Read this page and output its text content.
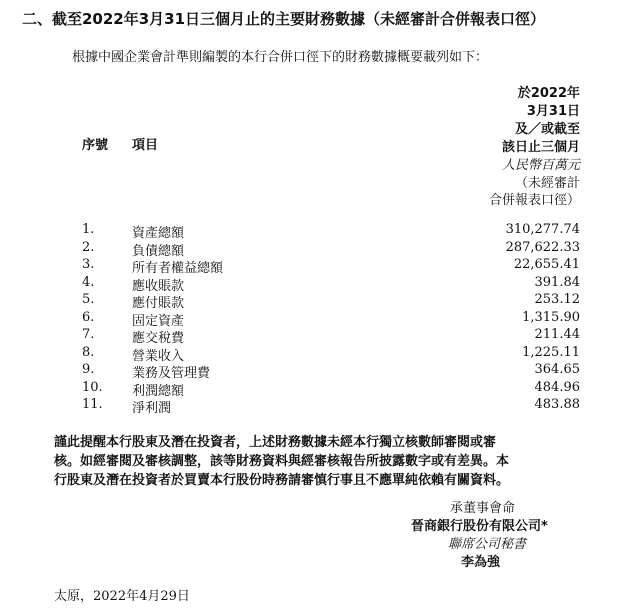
二、截至2022年3月31日三個月止的主要財務數據（未經審計合併報表口徑）
根據中國企業會計準則編製的本行合併口徑下的財務數據概要載列如下：
於2022年
3月31日
及／或截至
該日止三個月
人民幣百萬元
（未經審計
合併報表口徑）
序號 項目
1.	資產總額	310,277.74
2.	負債總額	287,622.33
3.	所有者權益總額	22,655.41
4.	應收賬款	391.84
5.	應付賬款	253.12
6.	固定資產	1,315.90
7.	應交稅費	211.44
8.	營業收入	1,225.11
9.	業務及管理費	364.65
10. 利潤總額	484.96
11. 淨利潤	483.88
謹此提醒本行股東及潛在投資者，上述財務數據未經本行獨立核數師審閱或審
核。如經審閱及審核調整，該等財務資料與經審核報告所披露數字或有差異。本
行股東及潛在投資者於買賣本行股份時務請審慎行事且不應單純依賴有關資料。
承董事會命
晉商銀行股份有限公司*
聯席公司秘書
李為強
太原，2022年4月29日
